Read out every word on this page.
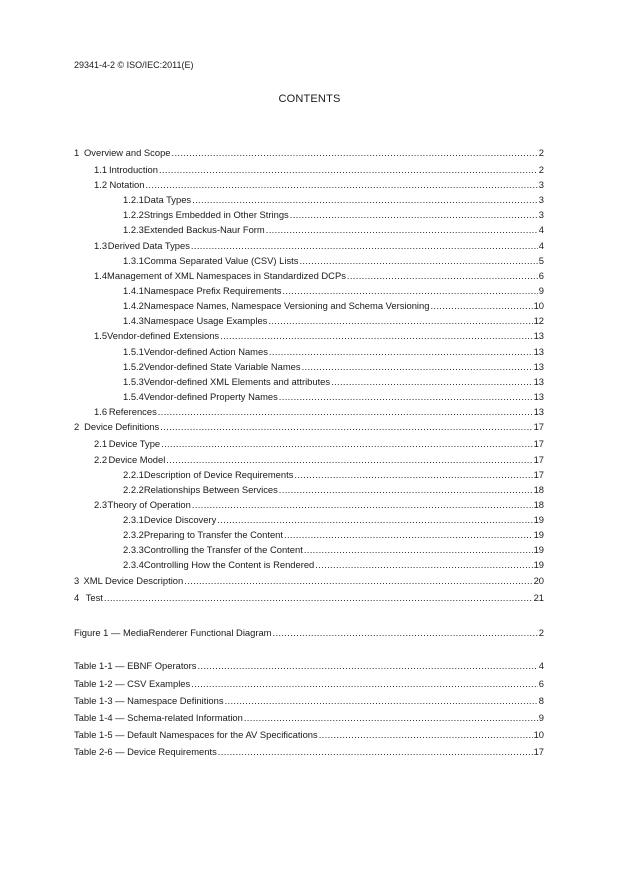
29341-4-2 © ISO/IEC:2011(E)
CONTENTS
1 Overview and Scope .....	2
1.1 Introduction .....	2
1.2 Notation .....	3
1.2.1 Data Types .....	3
1.2.2 Strings Embedded in Other Strings .....	3
1.2.3 Extended Backus-Naur Form .....	4
1.3 Derived Data Types .....	4
1.3.1 Comma Separated Value (CSV) Lists .....	5
1.4 Management of XML Namespaces in Standardized DCPs .....	6
1.4.1 Namespace Prefix Requirements .....	9
1.4.2 Namespace Names, Namespace Versioning and Schema Versioning .....	10
1.4.3 Namespace Usage Examples .....	12
1.5 Vendor-defined Extensions .....	13
1.5.1 Vendor-defined Action Names .....	13
1.5.2 Vendor-defined State Variable Names .....	13
1.5.3 Vendor-defined XML Elements and attributes .....	13
1.5.4 Vendor-defined Property Names .....	13
1.6 References .....	13
2 Device Definitions .....	17
2.1 Device Type .....	17
2.2 Device Model .....	17
2.2.1 Description of Device Requirements .....	17
2.2.2 Relationships Between Services .....	18
2.3 Theory of Operation .....	18
2.3.1 Device Discovery .....	19
2.3.2 Preparing to Transfer the Content .....	19
2.3.3 Controlling the Transfer of the Content .....	19
2.3.4 Controlling How the Content is Rendered .....	19
3 XML Device Description .....	20
4 Test .....	21
Figure 1 — MediaRenderer Functional Diagram .....	2
Table 1-1 — EBNF Operators .....	4
Table 1-2 — CSV Examples .....	6
Table 1-3 — Namespace Definitions .....	8
Table 1-4 — Schema-related Information .....	9
Table 1-5 — Default Namespaces for the AV Specifications .....	10
Table 2-6 — Device Requirements .....	17
